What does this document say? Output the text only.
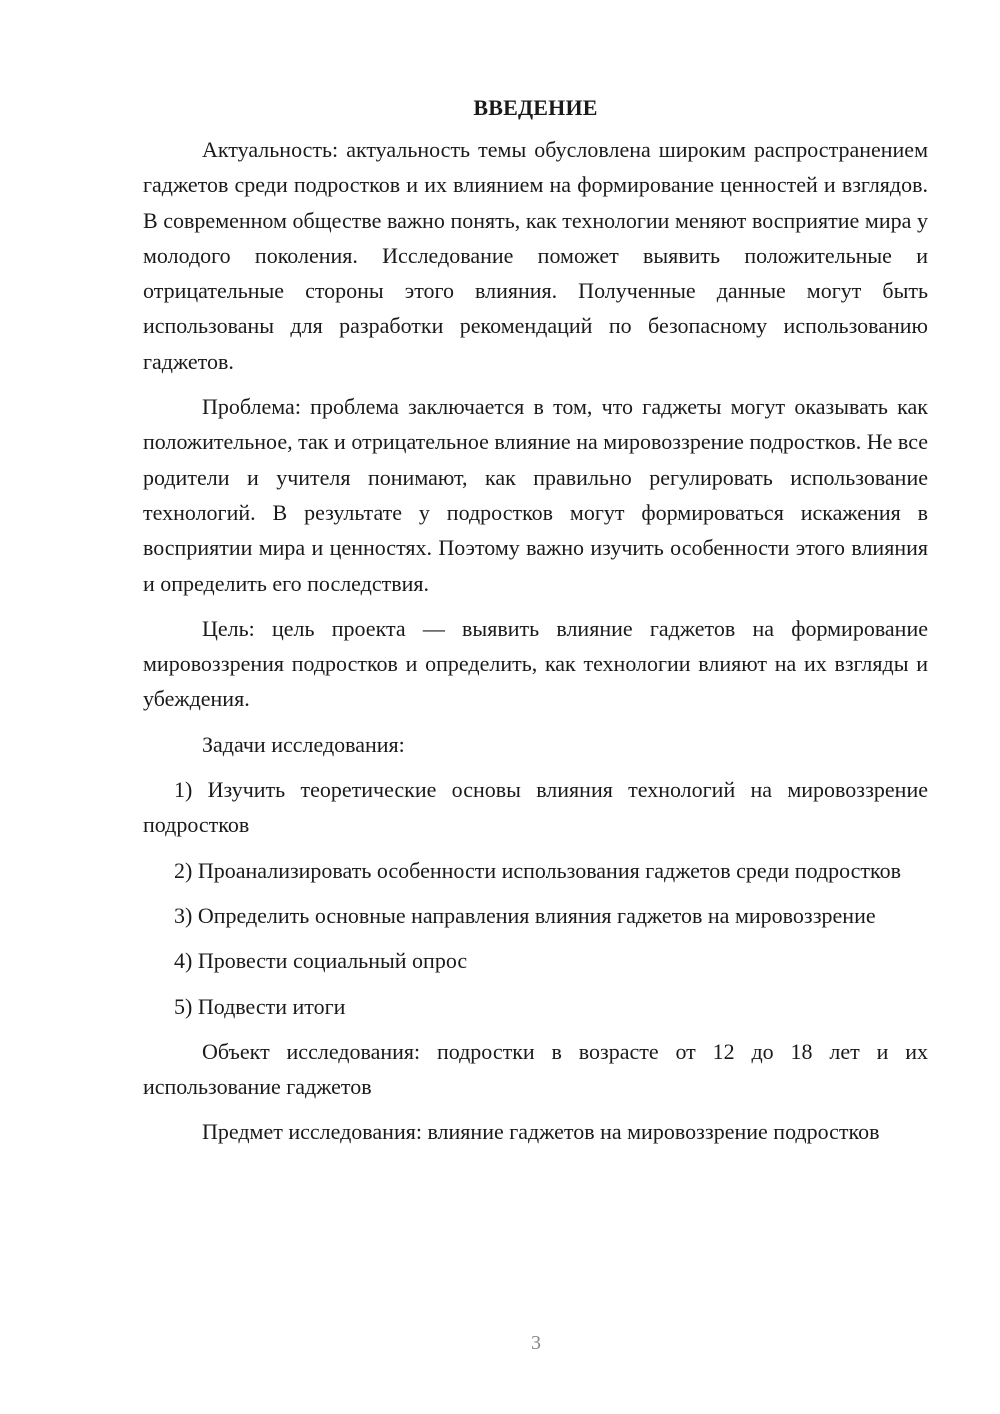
ВВЕДЕНИЕ

Актуальность: актуальность темы обусловлена широким распространением гаджетов среди подростков и их влиянием на формирование ценностей и взглядов. В современном обществе важно понять, как технологии меняют восприятие мира у молодого поколения. Исследование поможет выявить положительные и отрицательные стороны этого влияния. Полученные данные могут быть использованы для разработки рекомендаций по безопасному использованию гаджетов.

Проблема: проблема заключается в том, что гаджеты могут оказывать как положительное, так и отрицательное влияние на мировоззрение подростков. Не все родители и учителя понимают, как правильно регулировать использование технологий. В результате у подростков могут формироваться искажения в восприятии мира и ценностях. Поэтому важно изучить особенности этого влияния и определить его последствия.

Цель: цель проекта — выявить влияние гаджетов на формирование мировоззрения подростков и определить, как технологии влияют на их взгляды и убеждения.

Задачи исследования:

1) Изучить теоретические основы влияния технологий на мировоззрение подростков

2) Проанализировать особенности использования гаджетов среди подростков

3) Определить основные направления влияния гаджетов на мировоззрение

4) Провести социальный опрос

5) Подвести итоги

Объект исследования: подростки в возрасте от 12 до 18 лет и их использование гаджетов

Предмет исследования: влияние гаджетов на мировоззрение подростков

3
